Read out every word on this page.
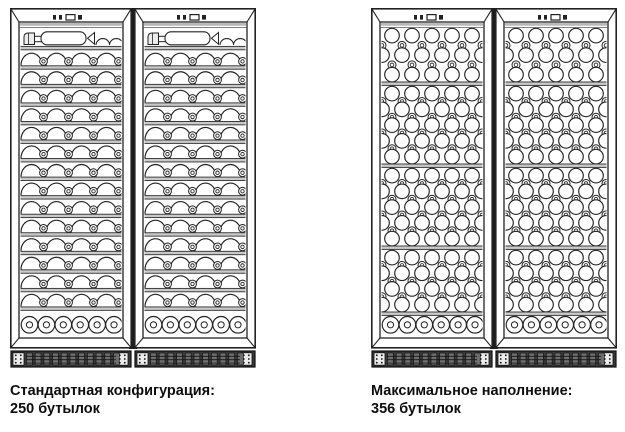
Стандартная конфигурация:
250 бутылок
Максимальное наполнение:
356 бутылок
